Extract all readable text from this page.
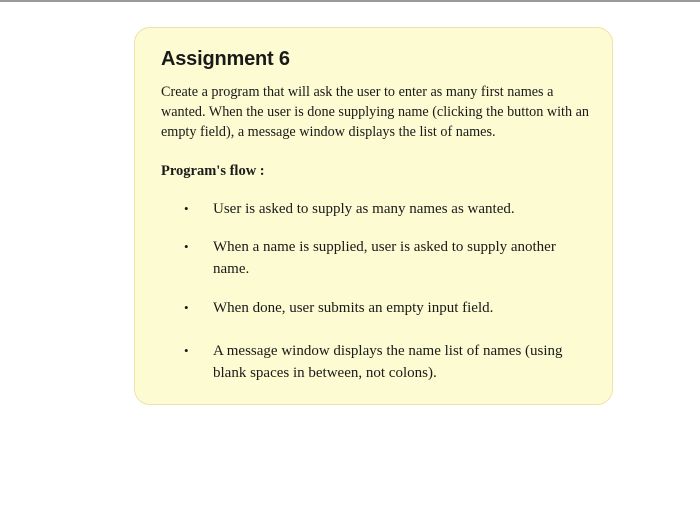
Assignment 6

Create a program that will ask the user to enter as many first names a wanted. When the user is done supplying name (clicking the button with an empty field), a message window displays the list of names.

Program's flow :

• User is asked to supply as many names as wanted.
• When a name is supplied, user is asked to supply another name.
• When done, user submits an empty input field.
• A message window displays the name list of names (using blank spaces in between, not colons).
